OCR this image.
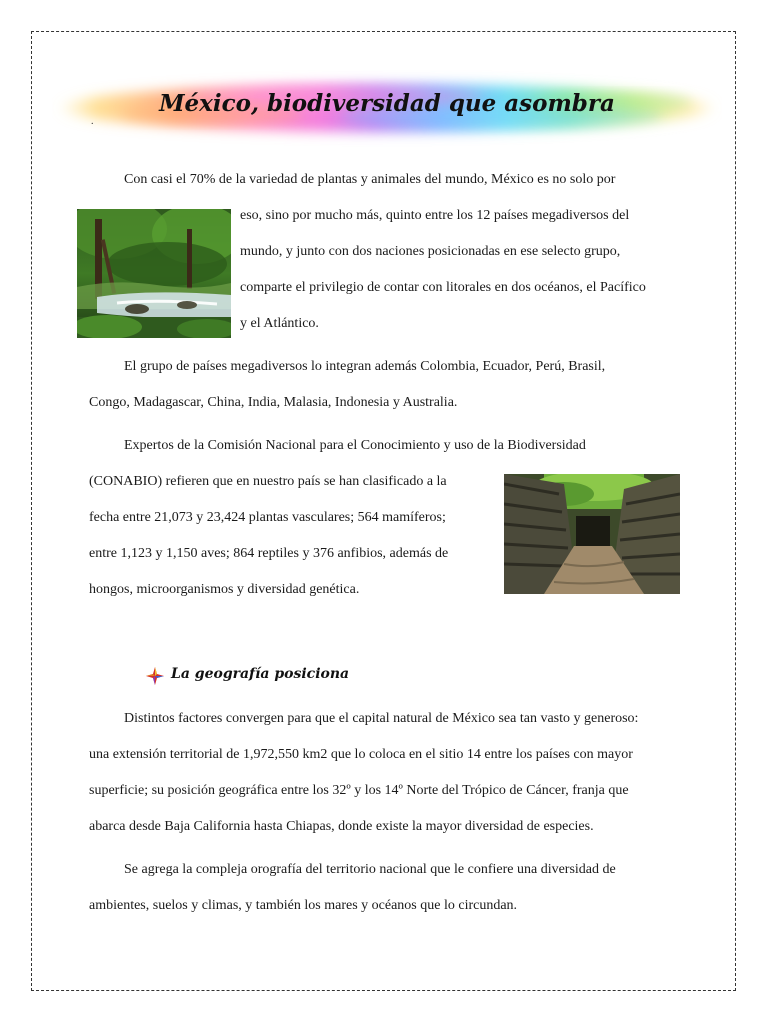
México, biodiversidad que asombra
.
Con casi el 70% de la variedad de plantas y animales del mundo, México es no solo por
eso, sino por mucho más, quinto entre los 12 países megadiversos del
mundo, y junto con dos naciones posicionadas en ese selecto grupo,
comparte el privilegio de contar con litorales en dos océanos, el Pacífico
y el Atlántico.
El grupo de países megadiversos lo integran además Colombia, Ecuador, Perú, Brasil,
Congo, Madagascar, China, India, Malasia, Indonesia y Australia.
Expertos de la Comisión Nacional para el Conocimiento y uso de la Biodiversidad
(CONABIO) refieren que en nuestro país se han clasificado a la
fecha entre 21,073 y 23,424 plantas vasculares; 564 mamíferos;
entre 1,123 y 1,150 aves; 864 reptiles y 376 anfibios, además de
hongos, microorganismos y diversidad genética.
La geografía posiciona
Distintos factores convergen para que el capital natural de México sea tan vasto y generoso:
una extensión territorial de 1,972,550 km2 que lo coloca en el sitio 14 entre los países con mayor
superficie; su posición geográfica entre los 32º y los 14º Norte del Trópico de Cáncer, franja que
abarca desde Baja California hasta Chiapas, donde existe la mayor diversidad de especies.
Se agrega la compleja orografía del territorio nacional que le confiere una diversidad de
ambientes, suelos y climas, y también los mares y océanos que lo circundan.
